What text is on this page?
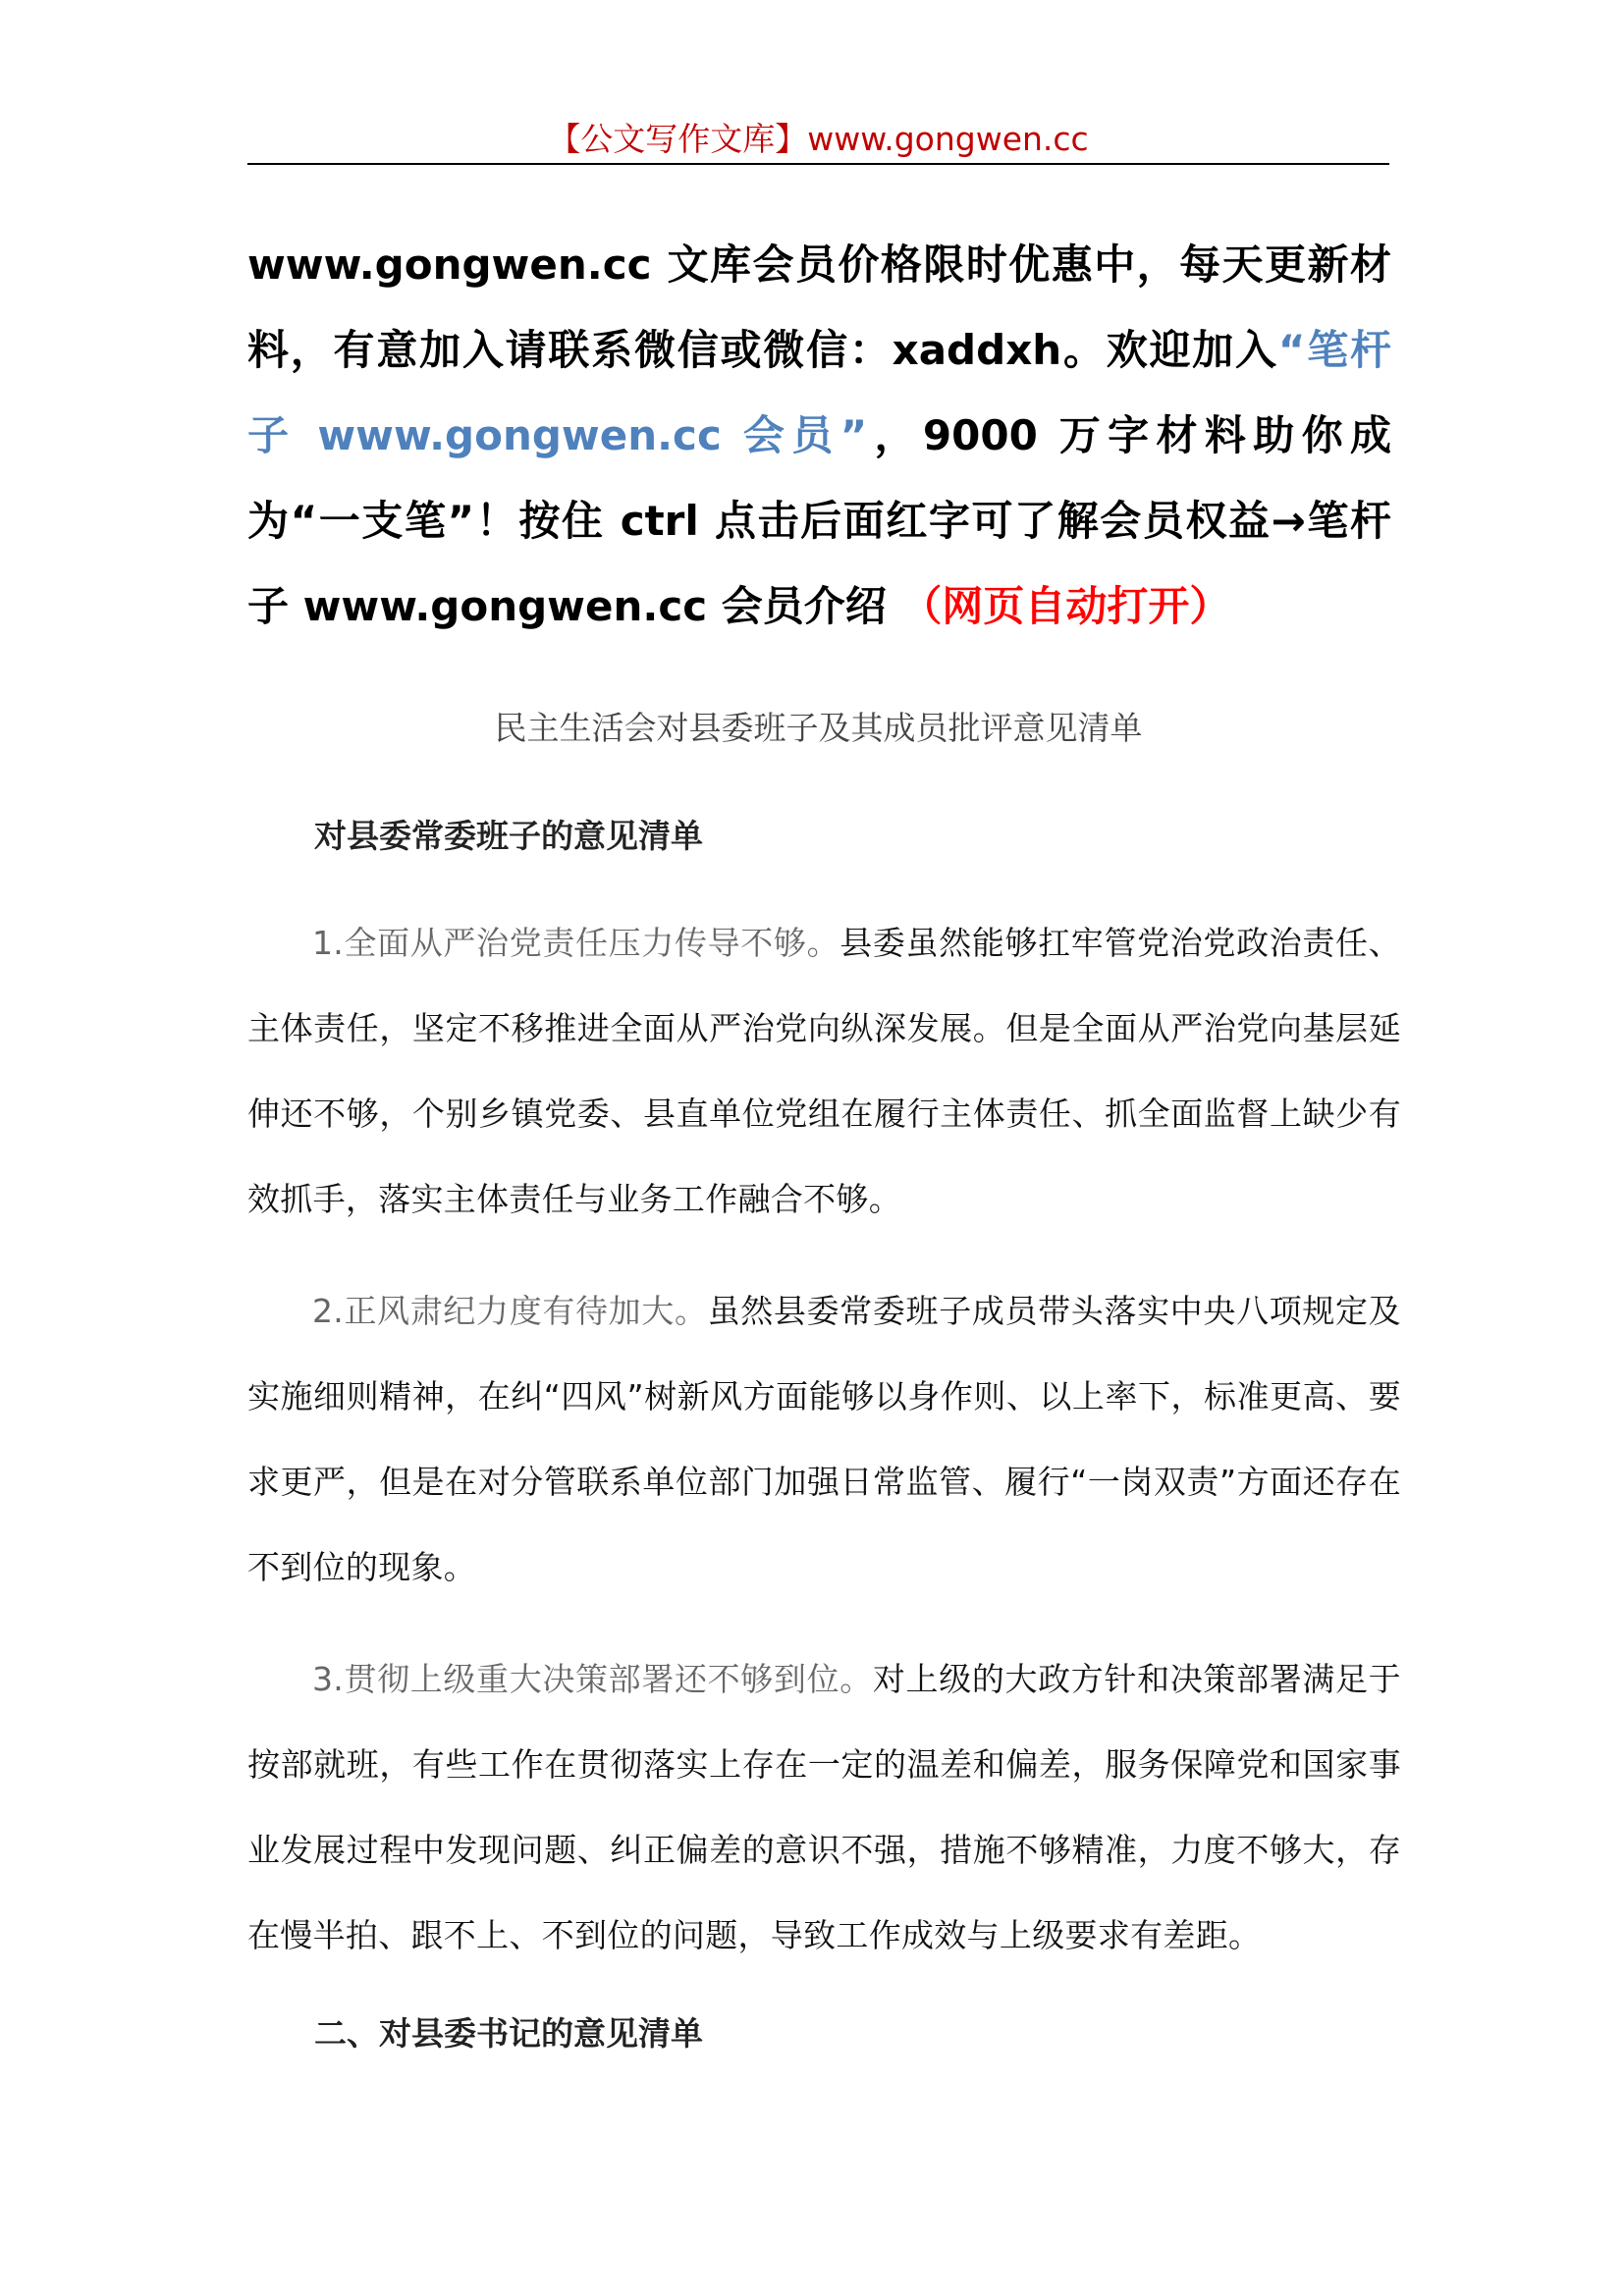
【公文写作文库】www.gongwen.cc
www.gongwen.cc 文库会员价格限时优惠中，每天更新材料，有意加入请联系微信或微信：xaddxh。欢迎加入“笔杆子 www.gongwen.cc 会员”，9000 万字材料助你成为“一支笔”！按住 ctrl 点击后面红字可了解会员权益→笔杆子 www.gongwen.cc 会员介绍 （网页自动打开）
民主生活会对县委班子及其成员批评意见清单
对县委常委班子的意见清单
1.全面从严治党责任压力传导不够。县委虽然能够扛牢管党治党政治责任、主体责任，坚定不移推进全面从严治党向纵深发展。但是全面从严治党向基层延伸还不够，个别乡镇党委、县直单位党组在履行主体责任、抓全面监督上缺少有效抓手，落实主体责任与业务工作融合不够。
2.正风肃纪力度有待加大。虽然县委常委班子成员带头落实中央八项规定及实施细则精神，在纠“四风”树新风方面能够以身作则、以上率下，标准更高、要求更严，但是在对分管联系单位部门加强日常监管、履行“一岗双责”方面还存在不到位的现象。
3.贯彻上级重大决策部署还不够到位。对上级的大政方针和决策部署满足于按部就班，有些工作在贯彻落实上存在一定的温差和偏差，服务保障党和国家事业发展过程中发现问题、纠正偏差的意识不强，措施不够精准，力度不够大，存在慢半拍、跟不上、不到位的问题，导致工作成效与上级要求有差距。
二、对县委书记的意见清单
